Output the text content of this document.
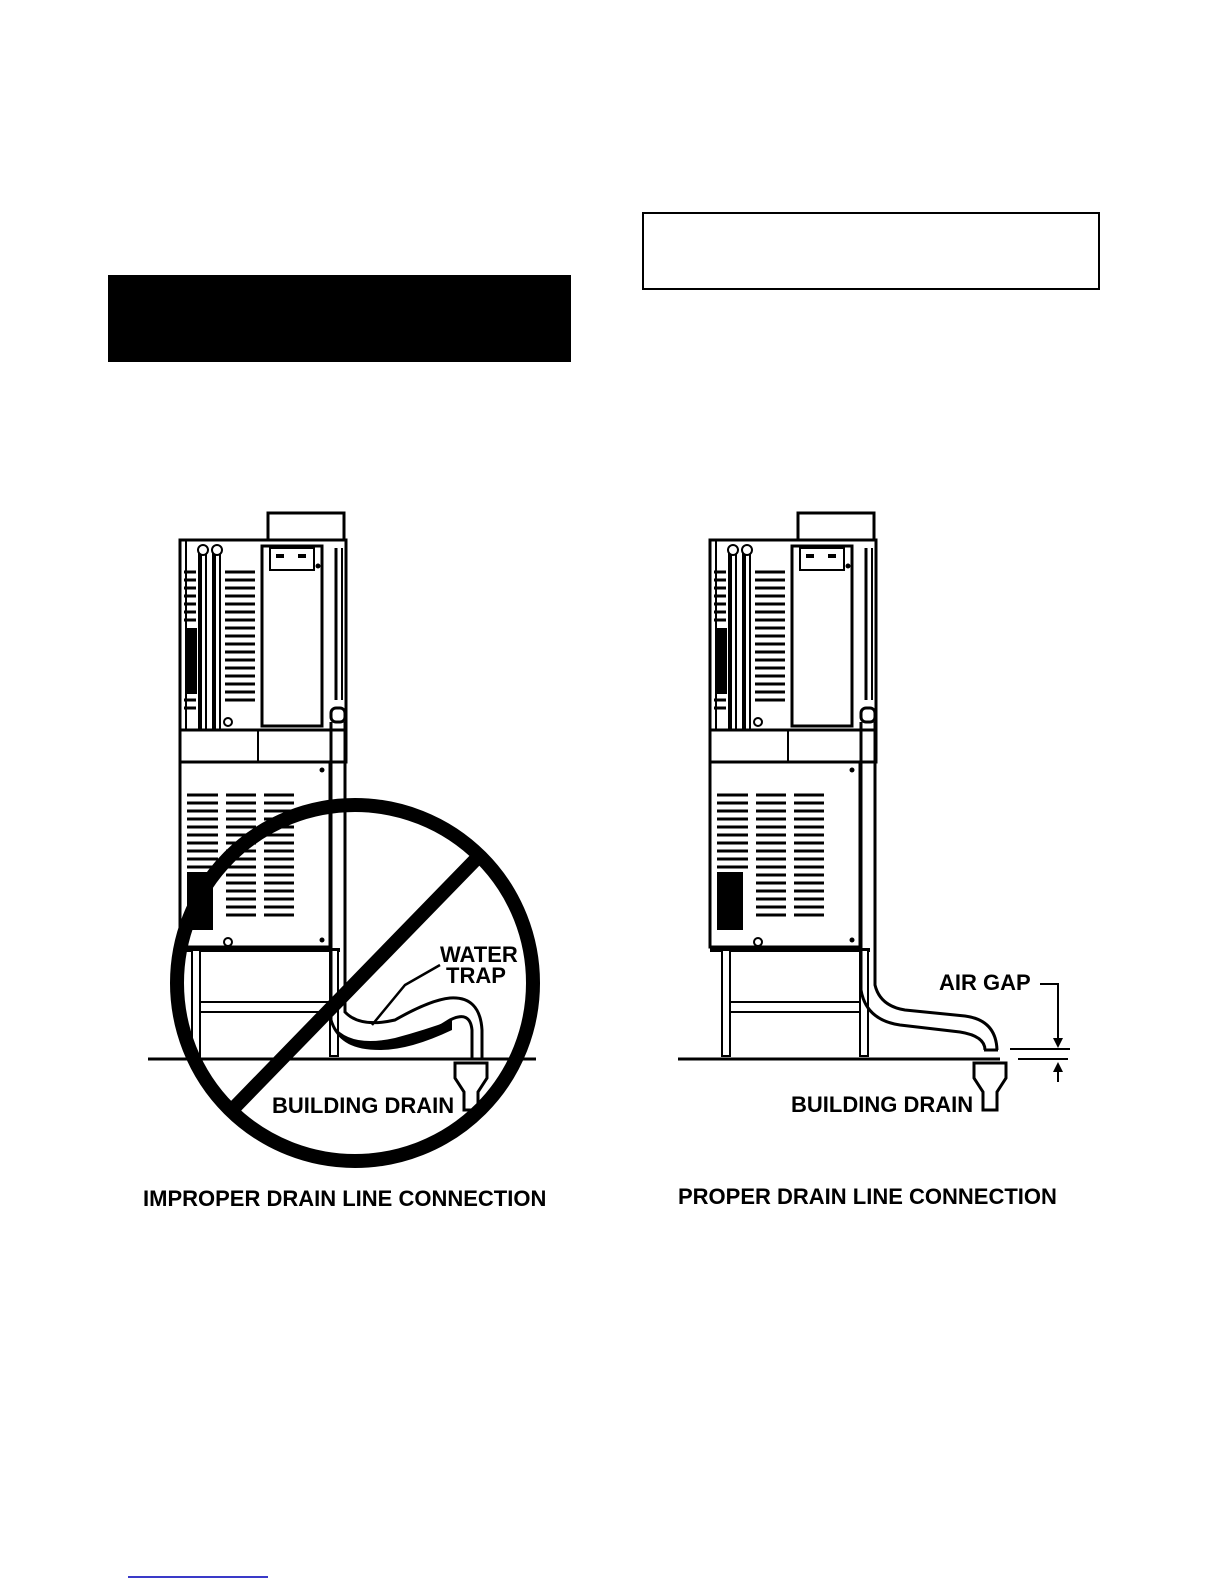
WATER
TRAP
BUILDING DRAIN
IMPROPER DRAIN LINE CONNECTION
AIR GAP
BUILDING DRAIN
PROPER DRAIN LINE CONNECTION
